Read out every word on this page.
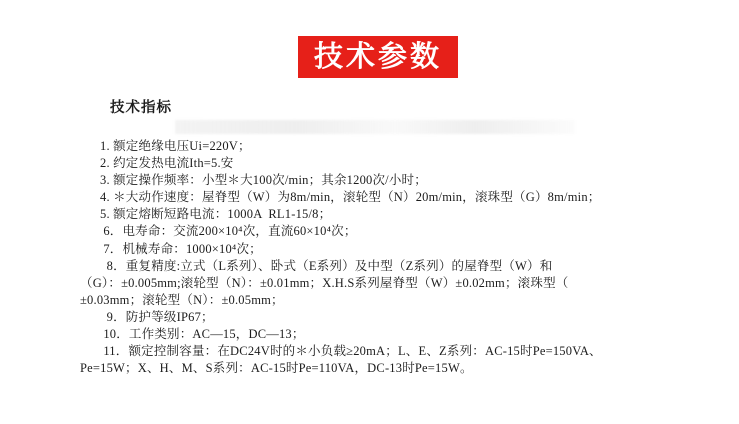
技术参数
技术指标
1. 额定绝缘电压Ui=220V；
2. 约定发热电流Ith=5.安
3. 额定操作频率：小型＊大100次/min；其余1200次/小时；
4. ＊大动作速度：屋脊型（W）为8m/min，滚轮型（N）20m/min，滚珠型（G）8m/min；
5. 额定熔断短路电流：1000A  RL1-15/8；
6．电寿命：交流200×10⁴次，直流60×10⁴次；
7．机械寿命：1000×10⁴次；
8．重复精度:立式（L系列）、卧式（E系列）及中型（Z系列）的屋脊型（W）和
（G）：±0.005mm;滚轮型（N）：±0.01mm；X.H.S系列屋脊型（W）±0.02mm；滚珠型（
±0.03mm；滚轮型（N）：±0.05mm；
9．防护等级IP67；
10．工作类别：AC—15，DC—13；
11．额定控制容量：在DC24V时的＊小负载≥20mA；L、E、Z系列：AC-15时Pe=150VA、
Pe=15W；X、H、M、S系列：AC-15时Pe=110VA，DC-13时Pe=15W。
